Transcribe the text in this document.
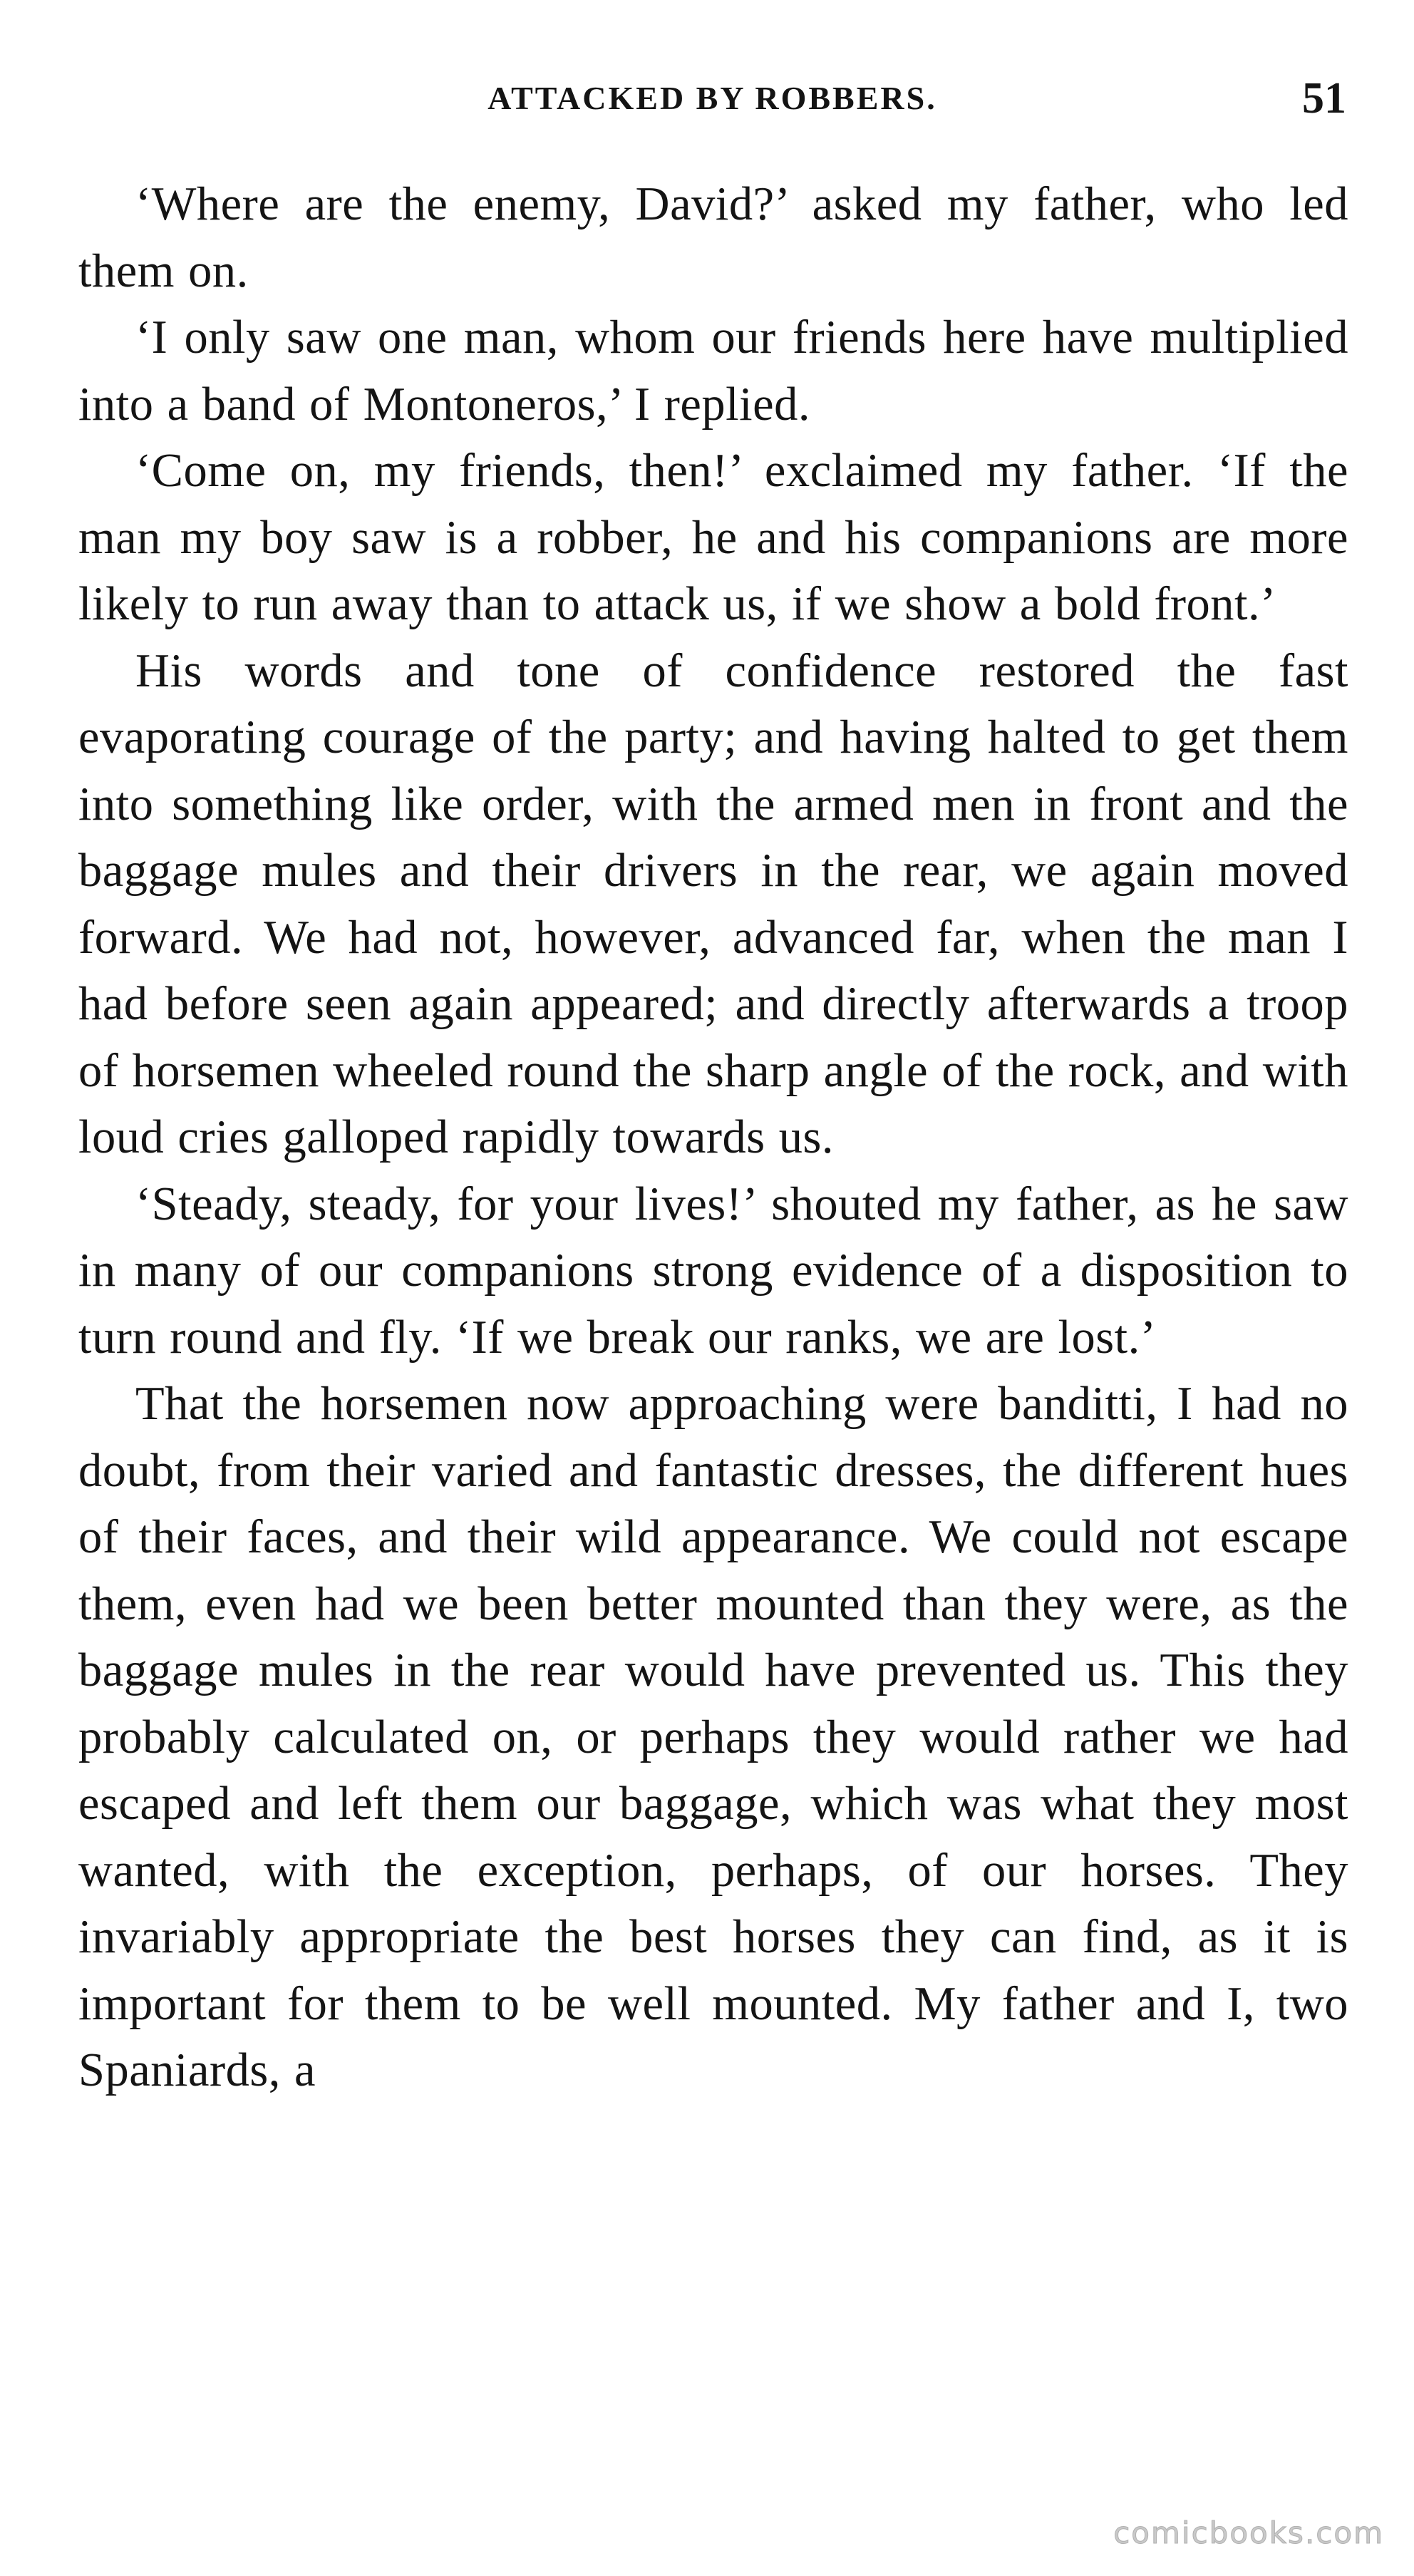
ATTACKED BY ROBBERS.	51

‘Where are the enemy, David?’ asked my father, who led them on.

‘I only saw one man, whom our friends here have multiplied into a band of Montoneros,’ I replied.

‘Come on, my friends, then!’ exclaimed my father. ‘If the man my boy saw is a robber, he and his companions are more likely to run away than to attack us, if we show a bold front.’

His words and tone of confidence restored the fast evaporating courage of the party; and having halted to get them into something like order, with the armed men in front and the baggage mules and their drivers in the rear, we again moved forward. We had not, however, advanced far, when the man I had before seen again appeared; and directly afterwards a troop of horsemen wheeled round the sharp angle of the rock, and with loud cries galloped rapidly towards us.

‘Steady, steady, for your lives!’ shouted my father, as he saw in many of our companions strong evidence of a disposition to turn round and fly. ‘If we break our ranks, we are lost.’

That the horsemen now approaching were banditti, I had no doubt, from their varied and fantastic dresses, the different hues of their faces, and their wild appearance. We could not escape them, even had we been better mounted than they were, as the baggage mules in the rear would have prevented us. This they probably calculated on, or perhaps they would rather we had escaped and left them our baggage, which was what they most wanted, with the exception, perhaps, of our horses. They invariably appropriate the best horses they can find, as it is important for them to be well mounted. My father and I, two Spaniards, a

comicbooks.com
